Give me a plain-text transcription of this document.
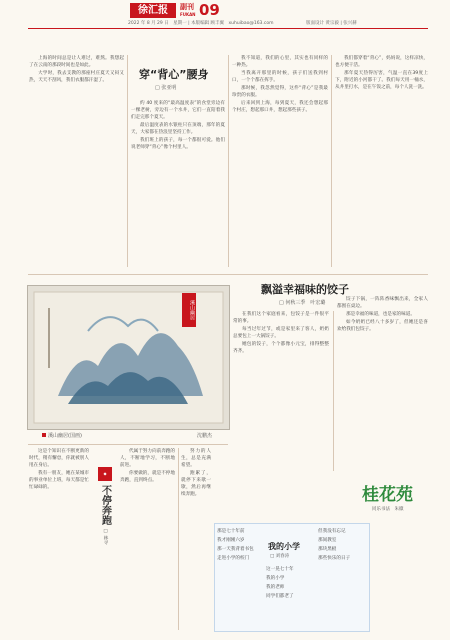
徐汇报	副刊
FUKAN 09
2022 年 8 月 29 日　星期一 | 本版编辑 顾丰翼　xuhuibao@163.com	版面设计 黄宗毅 | 张兴赫
穿“背心”腰身
□ 张亚明

上海的时间总是让人难过，难熬。我想起了在云南的那段时间也是如此。

大学时，我去支教的那座村庄夏天又闷又热，天天不刮风，我们衣服都汗湿了。

约 40 度来的“最高温度表”的食堂旁边有一棵老树，旁边有一个水井，它们一直陪着我们走完那个夏天。

最后温度表的水银柱只在顶端，那年的夏天，大家都在热浪里坚持工作。

我们班上的孩子，每一个都很可爱。他们说老师穿“背心”像个村里人。

我不知道，我们的心里，其实也有同样的一种热。

当我离开那里的时候，孩子们送我到村口，一个个都在挥手。

那时候，我忽然觉得，这件“背心”是我最珍贵的衣服。

后来回到上海，每到夏天，我还会想起那个村庄，想起那口井，想起那些孩子。

我们都穿着“背心”，妈妈说，这样凉快，也方便干活。

那年夏天热得厉害，气温一直在39度上下，附近的小河都干了。我们每天用一桶水，从井里打水，是在午饭之前，每个人洗一洗。

溪山幽居
溪山幽居(国画)	沈鹏杰
飘溢幸福味的饺子
□ 何秋三季　叶宏璐

在我们这个家庭看来，包饺子是一件很平常的事。

每当过年过节，或是家里来了客人，奶奶总要包上一大锅饺子。

她包的饺子，个个都像小元宝，排得整整齐齐。

饺子下锅，一阵阵香味飘出来，全家人都围在桌边。

那是幸福的味道，也是家的味道。

如今奶奶已经八十多岁了，但她还是喜欢给我们包饺子。

这是个知识在不断更新的时代，稍有懈怠，你就被别人甩在身后。

我有一朋友，她在某城市的事业单位上班，每天都是忙忙碌碌的。

◆
不停奔跑
□ 林寻

代属于努力向前奔跑的人，不断地学习，不断地前进。

你要做的，就是不停地奔跑，直到终点。

努力的人生，总是充满希望。

跑累了，就停下来歇一歇，然后再继续奔跑。	桂花苑
同乐书法　朱徽
我的小学
□ 刘春涛
那是七十年前
我才刚刚六岁
那一天我背着书包
走进小学的校门
这一晃七十年
我的小学
我的老师
同学们都老了
但我没有忘记
那间教室
那块黑板
那些快乐的日子
